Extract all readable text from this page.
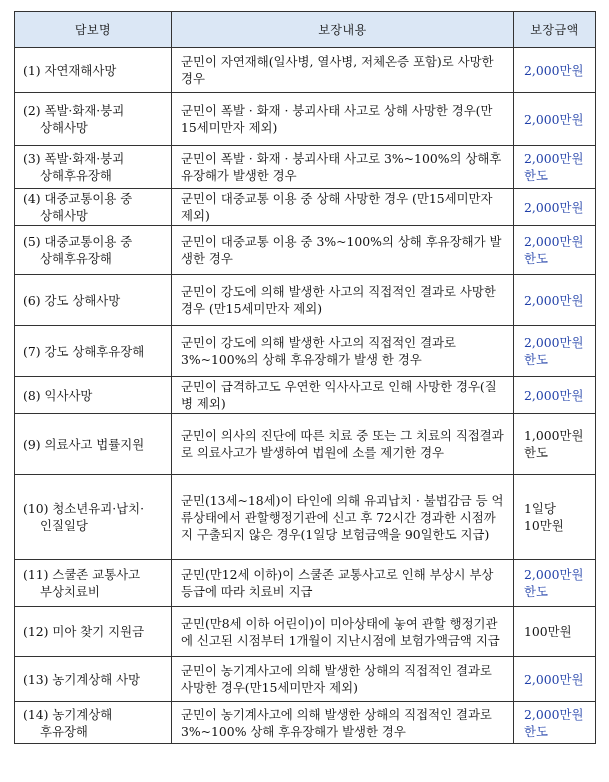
담보명	보장내용	보장금액

(1) 자연재해사망	군민이 자연재해(일사병, 열사병, 저체온증 포함)로 사망한 경우	2,000만원

(2) 폭발·화재·붕괴
상해사망	군민이 폭발 · 화재 · 붕괴사태 사고로 상해 사망한 경우(만15세미만자 제외)	2,000만원

(3) 폭발·화재·붕괴
상해후유장해	군민이 폭발 · 화재 · 붕괴사태 사고로 3%~100%의 상해후유장해가 발생한 경우	2,000만원
한도

(4) 대중교통이용 중
상해사망	군민이 대중교통 이용 중 상해 사망한 경우 (만15세미만자 제외)	2,000만원

(5) 대중교통이용 중
상해후유장해	군민이 대중교통 이용 중 3%~100%의 상해 후유장해가 발생한 경우	2,000만원
한도

(6) 강도 상해사망	군민이 강도에 의해 발생한 사고의 직접적인 결과로 사망한 경우 (만15세미만자 제외)	2,000만원

(7) 강도 상해후유장해	군민이 강도에 의해 발생한 사고의 직접적인 결과로 3%~100%의 상해 후유장해가 발생 한 경우	2,000만원
한도

(8) 익사사망	군민이 급격하고도 우연한 익사사고로 인해 사망한 경우(질병 제외)	2,000만원

(9) 의료사고 법률지원	군민이 의사의 진단에 따른 치료 중 또는 그 치료의 직접결과로 의료사고가 발생하여 법원에 소를 제기한 경우	1,000만원
한도

(10) 청소년유괴·납치·
인질일당	군민(13세~18세)이 타인에 의해 유괴납치 · 불법감금 등 억류상태에서 관할행정기관에 신고 후 72시간 경과한 시점까지 구출되지 않은 경우(1일당 보험금액을 90일한도 지급)	1일당
10만원

(11) 스쿨존 교통사고
부상치료비	군민(만12세 이하)이 스쿨존 교통사고로 인해 부상시 부상등급에 따라 치료비 지급	2,000만원
한도

(12) 미아 찾기 지원금	군민(만8세 이하 어린이)이 미아상태에 놓여 관할 행정기관에 신고된 시점부터 1개월이 지난시점에 보험가액금액 지급	100만원

(13) 농기계상해 사망	군민이 농기계사고에 의해 발생한 상해의 직접적인 결과로 사망한 경우(만15세미만자 제외)	2,000만원

(14) 농기계상해
후유장해	군민이 농기계사고에 의해 발생한 상해의 직접적인 결과로 3%~100% 상해 후유장해가 발생한 경우	2,000만원
한도
